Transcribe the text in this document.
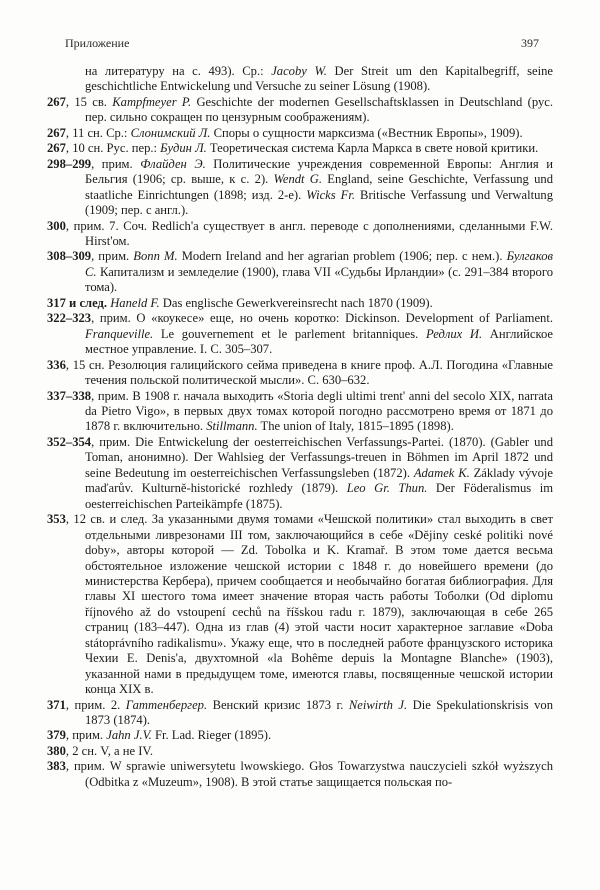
Приложение	397

на литературу на с. 493). Ср.: Jacoby W. Der Streit um den Kapitalbegriff, seine geschichtliche Entwickelung und Versuche zu seiner Lösung (1908).

267, 15 св. Kampfmeyer P. Geschichte der modernen Gesellschaftsklassen in Deutschland (рус. пер. сильно сокращен по цензурным соображениям).

267, 11 сн. Ср.: Слонимский Л. Споры о сущности марксизма («Вестник Европы», 1909).

267, 10 сн. Рус. пер.: Будин Л. Теоретическая система Карла Маркса в свете новой критики.

298–299, прим. Флайден Э. Политические учреждения современной Европы: Англия и Бельгия (1906; ср. выше, к с. 2). Wendt G. England, seine Geschichte, Verfassung und staatliche Einrichtungen (1898; изд. 2-е). Wicks Fr. Britische Verfassung und Verwaltung (1909; пер. с англ.).

300, прим. 7. Соч. Redlich'а существует в англ. переводе с дополнениями, сделанными F.W. Hirst'ом.

308–309, прим. Bonn M. Modern Ireland and her agrarian problem (1906; пер. с нем.). Булгаков С. Капитализм и земледелие (1900), глава VII «Судьбы Ирландии» (с. 291–384 второго тома).

317 и след. Haneld F. Das englische Gewerkvereinsrecht nach 1870 (1909).

322–323, прим. О «коукесе» еще, но очень коротко: Dickinson. Development of Parliament. Franqueville. Le gouvernement et le parlement britanniques. Редлих И. Английское местное управление. I. С. 305–307.

336, 15 сн. Резолюция галицийского сейма приведена в книге проф. А.Л. Погодина «Главные течения польской политической мысли». С. 630–632.

337–338, прим. В 1908 г. начала выходить «Storia degli ultimi trent' anni del secolo XIX, narrata da Pietro Vigo», в первых двух томах которой погодно рассмотрено время от 1871 до 1878 г. включительно. Stillmann. The union of Italy, 1815–1895 (1898).

352–354, прим. Die Entwickelung der oesterreichischen Verfassungs-Partei. (1870). (Gabler und Toman, анонимно). Der Wahlsieg der Verfassungs-treuen in Böhmen im April 1872 und seine Bedeutung im oesterreichischen Verfassungsleben (1872). Adamek K. Základy vývoje maďarův. Kulturně-historické rozhledy (1879). Leo Gr. Thun. Der Föderalismus im oesterreichischen Parteikämpfe (1875).

353, 12 св. и след. За указанными двумя томами «Чешской политики» стал выходить в свет отдельными ливрезонами III том, заключающийся в себе «Dějiny ceské politiki nové doby», авторы которой — Zd. Tobolka и K. Kramař. В этом томе дается весьма обстоятельное изложение чешской истории с 1848 г. до новейшего времени (до министерства Кербера), причем сообщается и необычайно богатая библиография. Для главы XI шестого тома имеет значение вторая часть работы Тоболки (Od diplomu říjnového až do vstoupení cechů na říšskou radu г. 1879), заключающая в себе 265 страниц (183–447). Одна из глав (4) этой части носит характерное заглавие «Doba státoprávního radikalismu». Укажу еще, что в последней работе французского историка Чехии E. Denis'а, двухтомной «la Bohême depuis la Montagne Blanche» (1903), указанной нами в предыдущем томе, имеются главы, посвященные чешской истории конца XIX в.

371, прим. 2. Гаттенбергер. Венский кризис 1873 г. Neiwirth J. Die Spekulationskrisis von 1873 (1874).

379, прим. Jahn J.V. Fr. Lad. Rieger (1895).

380, 2 сн. V, а не IV.

383, прим. W sprawie uniwersytetu lwowskiego. Głos Towarzystwa nauczycieli szkół wyższych (Odbitka z «Muzeum», 1908). В этой статье защищается польская по-
